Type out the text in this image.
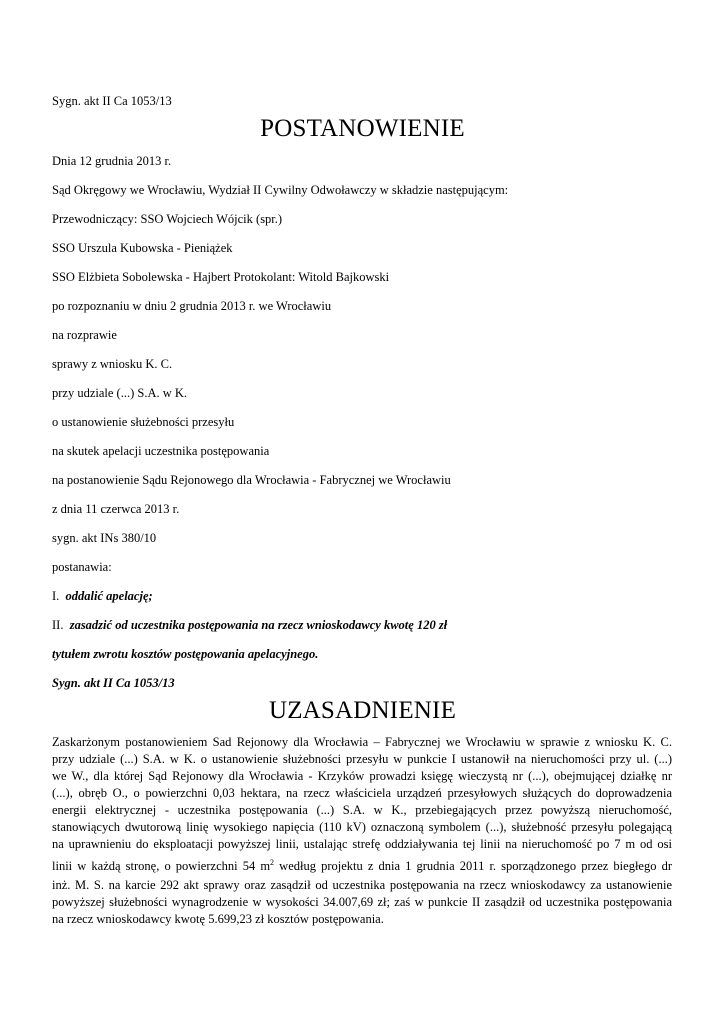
Sygn. akt II Ca 1053/13
POSTANOWIENIE
Dnia 12 grudnia 2013 r.
Sąd Okręgowy we Wrocławiu, Wydział II Cywilny Odwoławczy w składzie następującym:
Przewodniczący: SSO Wojciech Wójcik (spr.)
SSO Urszula Kubowska - Pieniążek
SSO Elżbieta Sobolewska - Hajbert Protokolant: Witold Bajkowski
po rozpoznaniu w dniu 2 grudnia 2013 r. we Wrocławiu
na rozprawie
sprawy z wniosku K. C.
przy udziale (...) S.A. w K.
o ustanowienie służebności przesyłu
na skutek apelacji uczestnika postępowania
na postanowienie Sądu Rejonowego dla Wrocławia - Fabrycznej we Wrocławiu
z dnia 11 czerwca 2013 r.
sygn. akt INs 380/10
postanawia:
I. oddalić apelację;
II. zasadzić od uczestnika postępowania na rzecz wnioskodawcy kwotę 120 zł
tytułem zwrotu kosztów postępowania apelacyjnego.
Sygn. akt II Ca 1053/13
UZASADNIENIE
Zaskarżonym postanowieniem Sad Rejonowy dla Wrocławia – Fabrycznej we Wrocławiu w sprawie z wniosku K. C.
przy udziale (...) S.A. w K. o ustanowienie służebności przesyłu w punkcie I ustanowił na nieruchomości przy ul. (...)
we W., dla której Sąd Rejonowy dla Wrocławia - Krzyków prowadzi księgę wieczystą nr (...), obejmującej działkę nr
(...), obręb O., o powierzchni 0,03 hektara, na rzecz właściciela urządzeń przesyłowych służących do doprowadzenia
energii elektrycznej - uczestnika postępowania (...) S.A. w K., przebiegających przez powyższą nieruchomość,
stanowiących dwutorową linię wysokiego napięcia (110 kV) oznaczoną symbolem (...), służebność przesyłu polegającą
na uprawnieniu do eksploatacji powyższej linii, ustalając strefę oddziaływania tej linii na nieruchomość po 7 m od osi
linii w każdą stronę, o powierzchni 54 $m^2$ według projektu z dnia 1 grudnia 2011 r. sporządzonego przez biegłego dr
inż. M. S. na karcie 292 akt sprawy oraz zasądził od uczestnika postępowania na rzecz wnioskodawcy za ustanowienie
powyższej służebności wynagrodzenie w wysokości 34.007,69 zł; zaś w punkcie II zasądził od uczestnika postępowania
na rzecz wnioskodawcy kwotę 5.699,23 zł kosztów postępowania.
